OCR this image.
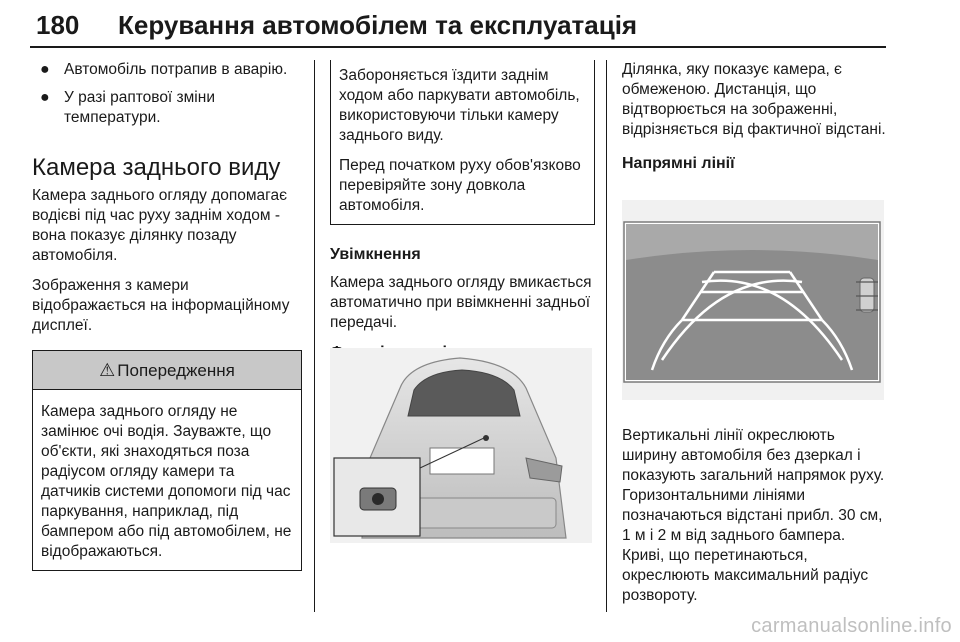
180 Керування автомобілем та експлуатація
● Автомобіль потрапив в аварію.
● У разі раптової зміни температури.
Камера заднього виду

Камера заднього огляду допомагає водієві під час руху заднім ходом - вона показує ділянку позаду автомобіля.

Зображення з камери відображається на інформаційному дисплеї.

⚠ Попередження
Камера заднього огляду не замінює очі водія. Зауважте, що об'єкти, які знаходяться поза радіусом огляду камери та датчиків системи допомоги під час паркування, наприклад, під бампером або під автомобілем, не відображаються.

Забороняється їздити заднім ходом або паркувати автомобіль, використовуючи тільки камеру заднього виду.

Перед початком руху обов'язково перевіряйте зону довкола автомобіля.

Увімкнення

Камера заднього огляду вмикається автоматично при ввімкненні задньої передачі.

Ділянка, яку показує камера, є обмеженою. Дистанція, що відтворюється на зображенні, відрізняється від фактичної відстані.

Напрямні лінії

Вертикальні лінії окреслюють ширину автомобіля без дзеркал і показують загальний напрямок руху. Горизонтальними лініями позначаються відстані прибл. 30 см, 1 м і 2 м від заднього бампера. Криві, що перетинаються, окреслюють максимальний радіус розвороту.

carmanualsonline.info
